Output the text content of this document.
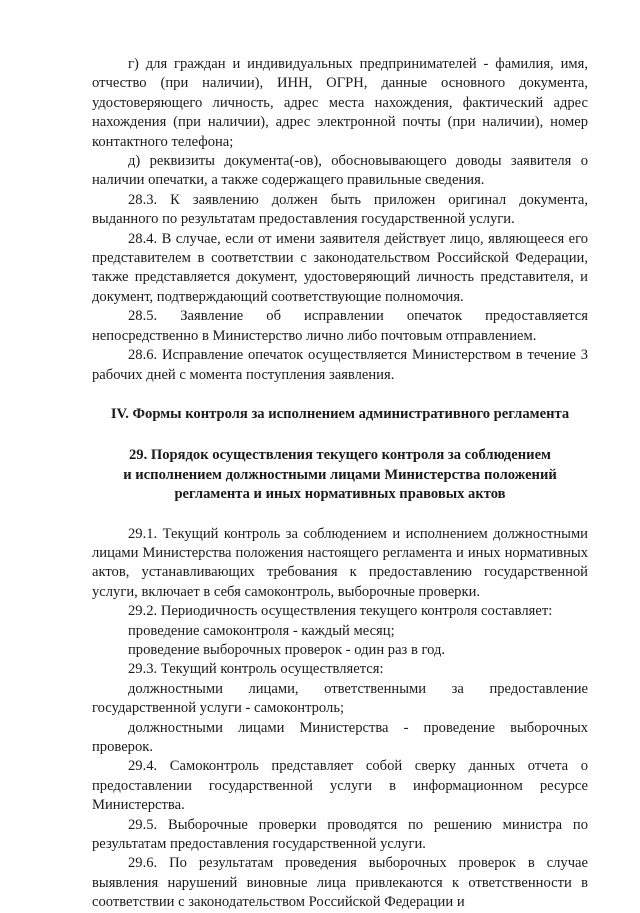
г) для граждан и индивидуальных предпринимателей - фамилия, имя, отчество (при наличии), ИНН, ОГРН, данные основного документа, удостоверяющего личность, адрес места нахождения, фактический адрес нахождения (при наличии), адрес электронной почты (при наличии), номер контактного телефона;

д) реквизиты документа(-ов), обосновывающего доводы заявителя о наличии опечатки, а также содержащего правильные сведения.

28.3. К заявлению должен быть приложен оригинал документа, выданного по результатам предоставления государственной услуги.

28.4. В случае, если от имени заявителя действует лицо, являющееся его представителем в соответствии с законодательством Российской Федерации, также представляется документ, удостоверяющий личность представителя, и документ, подтверждающий соответствующие полномочия.

28.5. Заявление об исправлении опечаток предоставляется непосредственно в Министерство лично либо почтовым отправлением.

28.6. Исправление опечаток осуществляется Министерством в течение 3 рабочих дней с момента поступления заявления.

IV. Формы контроля за исполнением административного регламента

29. Порядок осуществления текущего контроля за соблюдением

и исполнением должностными лицами Министерства положений

регламента и иных нормативных правовых актов

29.1. Текущий контроль за соблюдением и исполнением должностными лицами Министерства положения настоящего регламента и иных нормативных актов, устанавливающих требования к предоставлению государственной услуги, включает в себя самоконтроль, выборочные проверки.

29.2. Периодичность осуществления текущего контроля составляет:

проведение самоконтроля - каждый месяц;

проведение выборочных проверок - один раз в год.

29.3. Текущий контроль осуществляется:

должностными лицами, ответственными за предоставление государственной услуги - самоконтроль;

должностными лицами Министерства - проведение выборочных проверок.

29.4. Самоконтроль представляет собой сверку данных отчета о предоставлении государственной услуги в информационном ресурсе Министерства.

29.5. Выборочные проверки проводятся по решению министра по результатам предоставления государственной услуги.

29.6. По результатам проведения выборочных проверок в случае выявления нарушений виновные лица привлекаются к ответственности в соответствии с законодательством Российской Федерации и
